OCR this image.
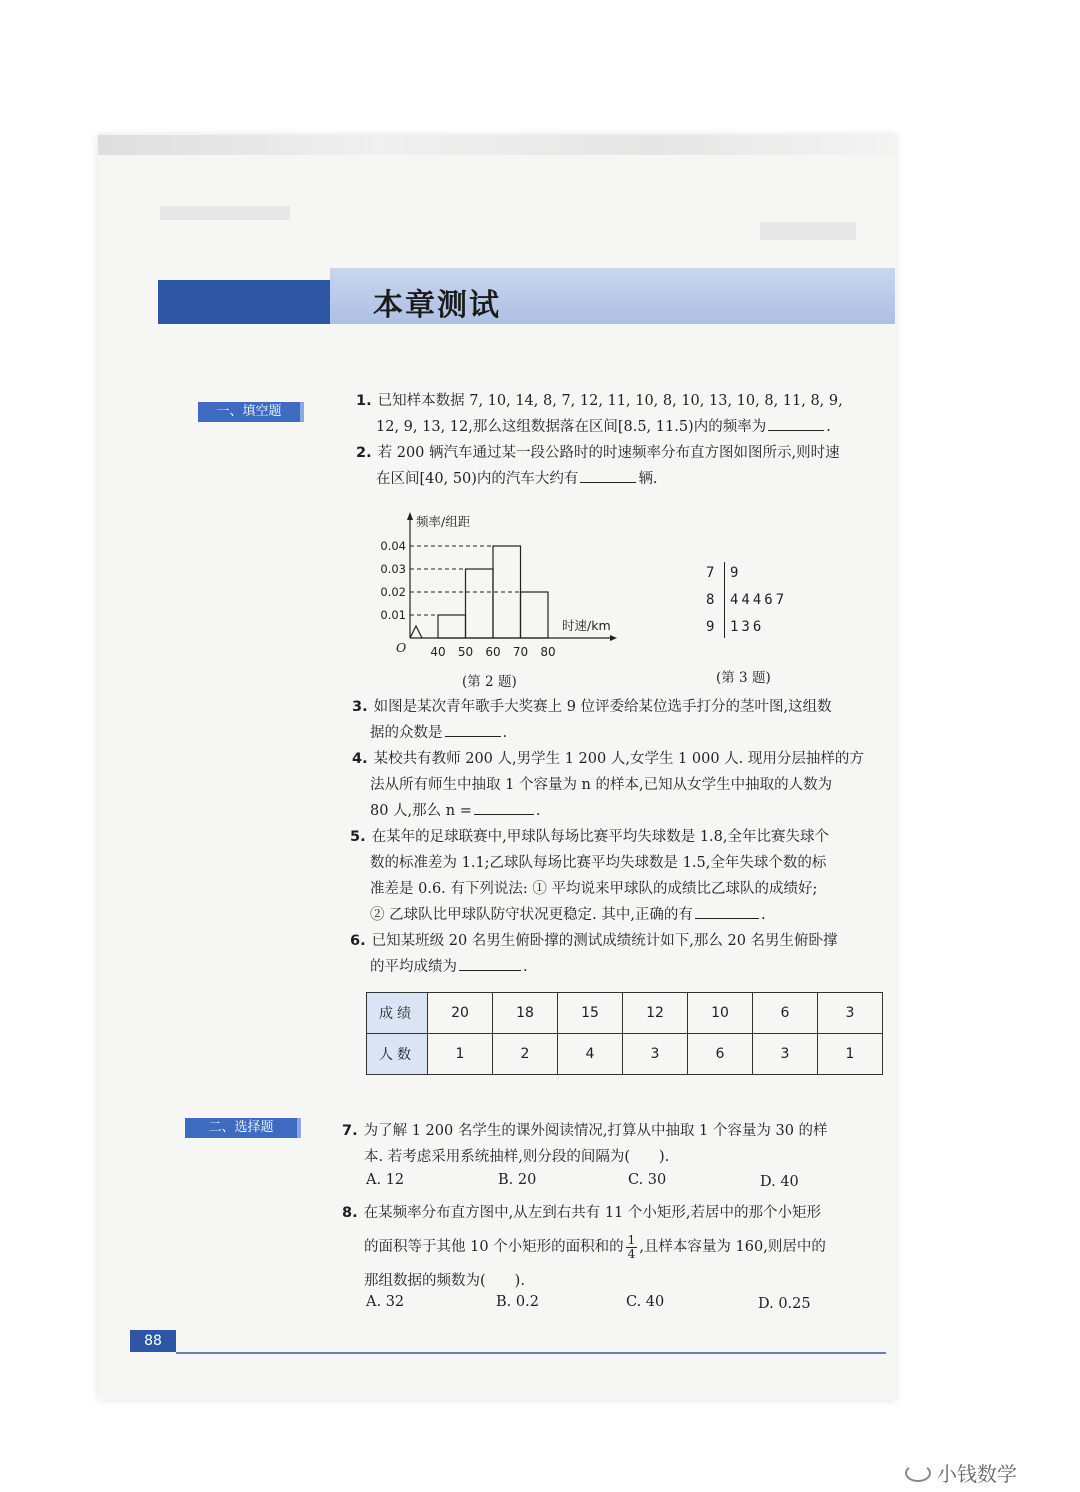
本章测试
一、填空题
二、选择题
1. 已知样本数据 7, 10, 14, 8, 7, 12, 11, 10, 8, 10, 13, 10, 8, 11, 8, 9,
12, 9, 13, 12,那么这组数据落在区间[8.5, 11.5)内的频率为	.
2. 若 200 辆汽车通过某一段公路时的时速频率分布直方图如图所示,则时速
在区间[40, 50)内的汽车大约有	辆.
40 50 60 70 80
0.01
0.02
0.03
0.04
频率/组距
时速/km
O
(第 2 题)
7	9
8	44467
9	136
(第 3 题)
3. 如图是某次青年歌手大奖赛上 9 位评委给某位选手打分的茎叶图,这组数
据的众数是	.
4. 某校共有教师 200 人,男学生 1 200 人,女学生 1 000 人. 现用分层抽样的方
法从所有师生中抽取 1 个容量为 n 的样本,已知从女学生中抽取的人数为
80 人,那么 n =	.
5. 在某年的足球联赛中,甲球队每场比赛平均失球数是 1.8,全年比赛失球个
数的标准差为 1.1;乙球队每场比赛平均失球数是 1.5,全年失球个数的标
准差是 0.6. 有下列说法: ① 平均说来甲球队的成绩比乙球队的成绩好;
② 乙球队比甲球队防守状况更稳定. 其中,正确的有	.
6. 已知某班级 20 名男生俯卧撑的测试成绩统计如下,那么 20 名男生俯卧撑
的平均成绩为	.
成绩	20	18	15	12	10	6	3
人数	1	2	4	3	6	3	1
7. 为了解 1 200 名学生的课外阅读情况,打算从中抽取 1 个容量为 30 的样
本. 若考虑采用系统抽样,则分段的间隔为(　　).
A. 12	B. 20	C. 30	D. 40
8. 在某频率分布直方图中,从左到右共有 11 个小矩形,若居中的那个小矩形
的面积等于其他 10 个小矩形的面积和的 $\frac{1}{4}$ ,且样本容量为 160,则居中的
那组数据的频数为(　　).
A. 32	B. 0.2	C. 40	D. 0.25
88
小钱数学
